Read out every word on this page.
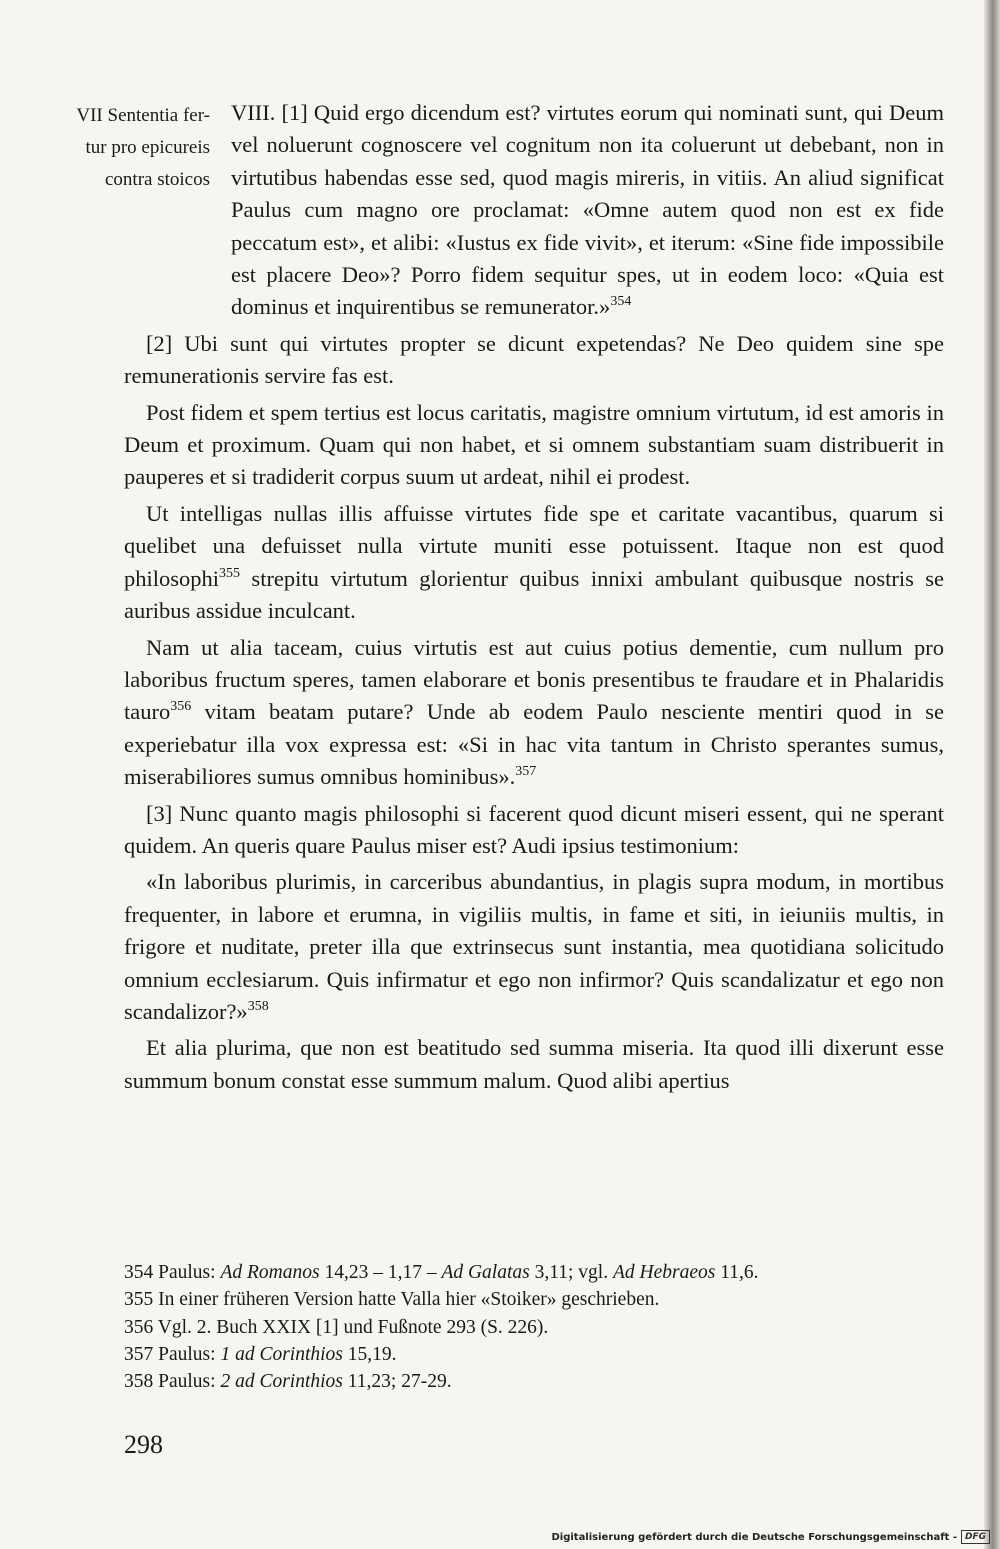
VII Sententia fer-
tur pro epicureis
contra stoicos

VIII. [1] Quid ergo dicendum est? virtutes eorum qui nominati sunt, qui Deum vel noluerunt cognoscere vel cognitum non ita coluerunt ut debebant, non in virtutibus habendas esse sed, quod magis mireris, in vitiis. An aliud significat Paulus cum magno ore proclamat: «Omne autem quod non est ex fide peccatum est», et alibi: «Iustus ex fide vivit», et iterum: «Sine fide impossibile est placere Deo»? Porro fidem sequitur spes, ut in eodem loco: «Quia est dominus et inquirentibus se remunerator.»$^{354}$

[2] Ubi sunt qui virtutes propter se dicunt expetendas? Ne Deo quidem sine spe remunerationis servire fas est.

Post fidem et spem tertius est locus caritatis, magistre omnium virtutum, id est amoris in Deum et proximum. Quam qui non habet, et si omnem substantiam suam distribuerit in pauperes et si tradiderit corpus suum ut ardeat, nihil ei prodest.

Ut intelligas nullas illis affuisse virtutes fide spe et caritate vacantibus, quarum si quelibet una defuisset nulla virtute muniti esse potuissent. Itaque non est quod philosophi$^{355}$ strepitu virtutum glorientur quibus innixi ambulant quibusque nostris se auribus assidue inculcant.

Nam ut alia taceam, cuius virtutis est aut cuius potius dementie, cum nullum pro laboribus fructum speres, tamen elaborare et bonis presentibus te fraudare et in Phalaridis tauro$^{356}$ vitam beatam putare? Unde ab eodem Paulo nesciente mentiri quod in se experiebatur illa vox expressa est: «Si in hac vita tantum in Christo sperantes sumus, miserabiliores sumus omnibus hominibus».$^{357}$

[3] Nunc quanto magis philosophi si facerent quod dicunt miseri essent, qui ne sperant quidem. An queris quare Paulus miser est? Audi ipsius testimonium:

«In laboribus plurimis, in carceribus abundantius, in plagis supra modum, in mortibus frequenter, in labore et erumna, in vigiliis multis, in fame et siti, in ieiuniis multis, in frigore et nuditate, preter illa que extrinsecus sunt instantia, mea quotidiana solicitudo omnium ecclesiarum. Quis infirmatur et ego non infirmor? Quis scandalizatur et ego non scandalizor?»$^{358}$

Et alia plurima, que non est beatitudo sed summa miseria. Ita quod illi dixerunt esse summum bonum constat esse summum malum. Quod alibi apertius

354 Paulus: Ad Romanos 14,23 – 1,17 – Ad Galatas 3,11; vgl. Ad Hebraeos 11,6.
355 In einer früheren Version hatte Valla hier «Stoiker» geschrieben.
356 Vgl. 2. Buch XXIX [1] und Fußnote 293 (S. 226).
357 Paulus: 1 ad Corinthios 15,19.
358 Paulus: 2 ad Corinthios 11,23; 27-29.
298
Digitalisierung gefördert durch die Deutsche Forschungsgemeinschaft - DFG
